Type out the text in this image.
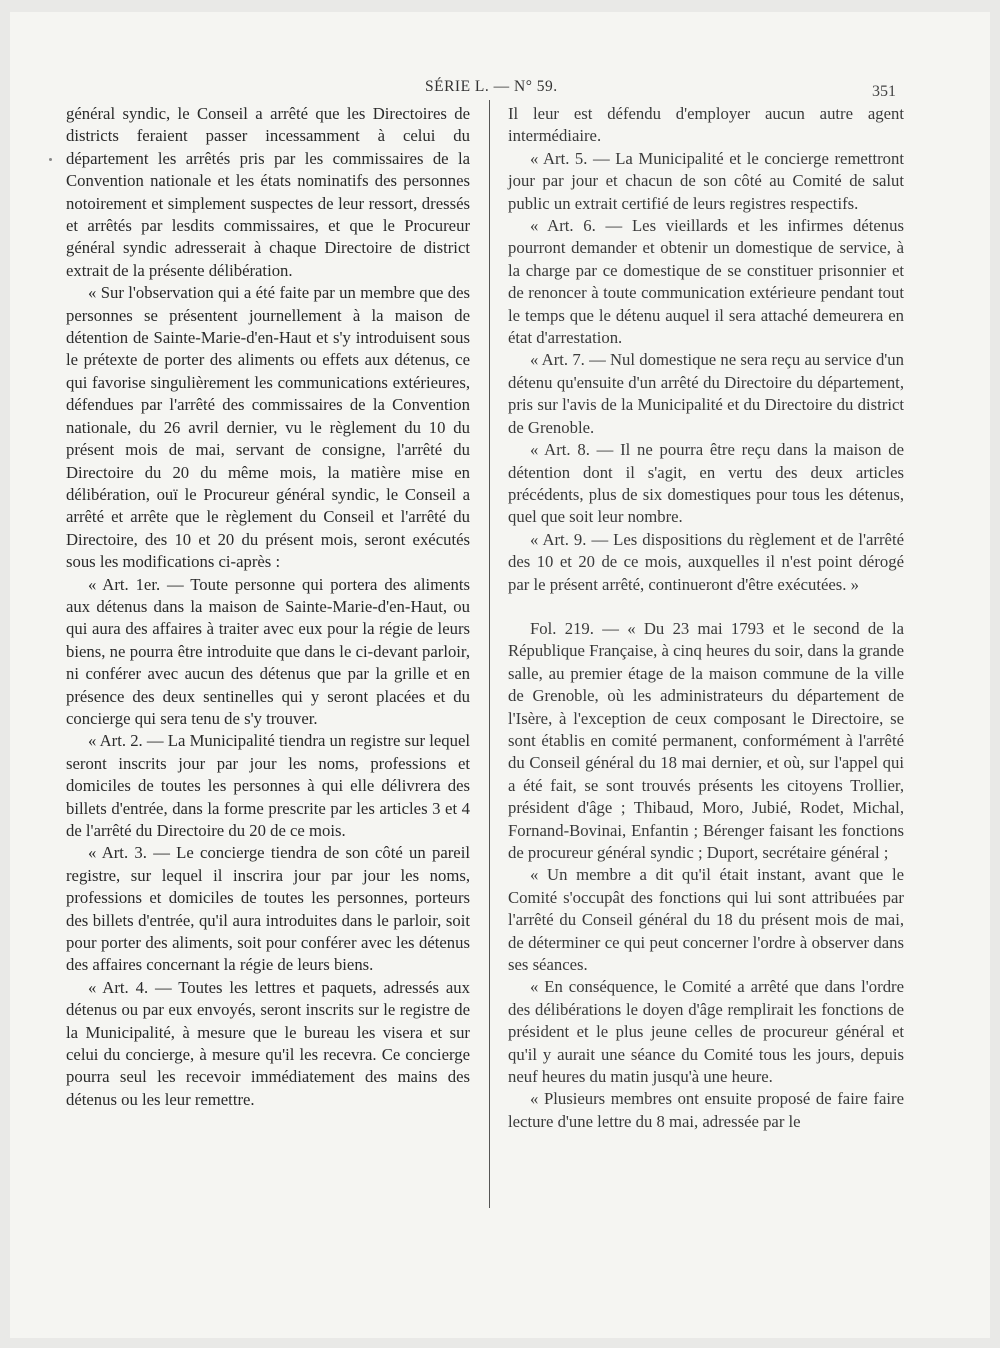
SÉRIE L. — N° 59.	351

général syndic, le Conseil a arrêté que les Directoires de districts feraient passer incessamment à celui du département les arrêtés pris par les commissaires de la Convention nationale et les états nominatifs des personnes notoirement et simplement suspectes de leur ressort, dressés et arrêtés par lesdits commissaires, et que le Procureur général syndic adresserait à chaque Directoire de district extrait de la présente délibération.

« Sur l'observation qui a été faite par un membre que des personnes se présentent journellement à la maison de détention de Sainte-Marie-d'en-Haut et s'y introduisent sous le prétexte de porter des aliments ou effets aux détenus, ce qui favorise singulièrement les communications extérieures, défendues par l'arrêté des commissaires de la Convention nationale, du 26 avril dernier, vu le règlement du 10 du présent mois de mai, servant de consigne, l'arrêté du Directoire du 20 du même mois, la matière mise en délibération, ouï le Procureur général syndic, le Conseil a arrêté et arrête que le règlement du Conseil et l'arrêté du Directoire, des 10 et 20 du présent mois, seront exécutés sous les modifications ci-après :

« Art. 1er. — Toute personne qui portera des aliments aux détenus dans la maison de Sainte-Marie-d'en-Haut, ou qui aura des affaires à traiter avec eux pour la régie de leurs biens, ne pourra être introduite que dans le ci-devant parloir, ni conférer avec aucun des détenus que par la grille et en présence des deux sentinelles qui y seront placées et du concierge qui sera tenu de s'y trouver.

« Art. 2. — La Municipalité tiendra un registre sur lequel seront inscrits jour par jour les noms, professions et domiciles de toutes les personnes à qui elle délivrera des billets d'entrée, dans la forme prescrite par les articles 3 et 4 de l'arrêté du Directoire du 20 de ce mois.

« Art. 3. — Le concierge tiendra de son côté un pareil registre, sur lequel il inscrira jour par jour les noms, professions et domiciles de toutes les personnes, porteurs des billets d'entrée, qu'il aura introduites dans le parloir, soit pour porter des aliments, soit pour conférer avec les détenus des affaires concernant la régie de leurs biens.

« Art. 4. — Toutes les lettres et paquets, adressés aux détenus ou par eux envoyés, seront inscrits sur le registre de la Municipalité, à mesure que le bureau les visera et sur celui du concierge, à mesure qu'il les recevra. Ce concierge pourra seul les recevoir immédiatement des mains des détenus ou les leur remettre.

Il leur est défendu d'employer aucun autre agent intermédiaire.

« Art. 5. — La Municipalité et le concierge remettront jour par jour et chacun de son côté au Comité de salut public un extrait certifié de leurs registres respectifs.

« Art. 6. — Les vieillards et les infirmes détenus pourront demander et obtenir un domestique de service, à la charge par ce domestique de se constituer prisonnier et de renoncer à toute communication extérieure pendant tout le temps que le détenu auquel il sera attaché demeurera en état d'arrestation.

« Art. 7. — Nul domestique ne sera reçu au service d'un détenu qu'ensuite d'un arrêté du Directoire du département, pris sur l'avis de la Municipalité et du Directoire du district de Grenoble.

« Art. 8. — Il ne pourra être reçu dans la maison de détention dont il s'agit, en vertu des deux articles précédents, plus de six domestiques pour tous les détenus, quel que soit leur nombre.

« Art. 9. — Les dispositions du règlement et de l'arrêté des 10 et 20 de ce mois, auxquelles il n'est point dérogé par le présent arrêté, continueront d'être exécutées. »

Fol. 219. — « Du 23 mai 1793 et le second de la République Française, à cinq heures du soir, dans la grande salle, au premier étage de la maison commune de la ville de Grenoble, où les administrateurs du département de l'Isère, à l'exception de ceux composant le Directoire, se sont établis en comité permanent, conformément à l'arrêté du Conseil général du 18 mai dernier, et où, sur l'appel qui a été fait, se sont trouvés présents les citoyens Trollier, président d'âge ; Thibaud, Moro, Jubié, Rodet, Michal, Fornand-Bovinai, Enfantin ; Bérenger faisant les fonctions de procureur général syndic ; Duport, secrétaire général ;

« Un membre a dit qu'il était instant, avant que le Comité s'occupât des fonctions qui lui sont attribuées par l'arrêté du Conseil général du 18 du présent mois de mai, de déterminer ce qui peut concerner l'ordre à observer dans ses séances.

« En conséquence, le Comité a arrêté que dans l'ordre des délibérations le doyen d'âge remplirait les fonctions de président et le plus jeune celles de procureur général et qu'il y aurait une séance du Comité tous les jours, depuis neuf heures du matin jusqu'à une heure.

« Plusieurs membres ont ensuite proposé de faire faire lecture d'une lettre du 8 mai, adressée par le
